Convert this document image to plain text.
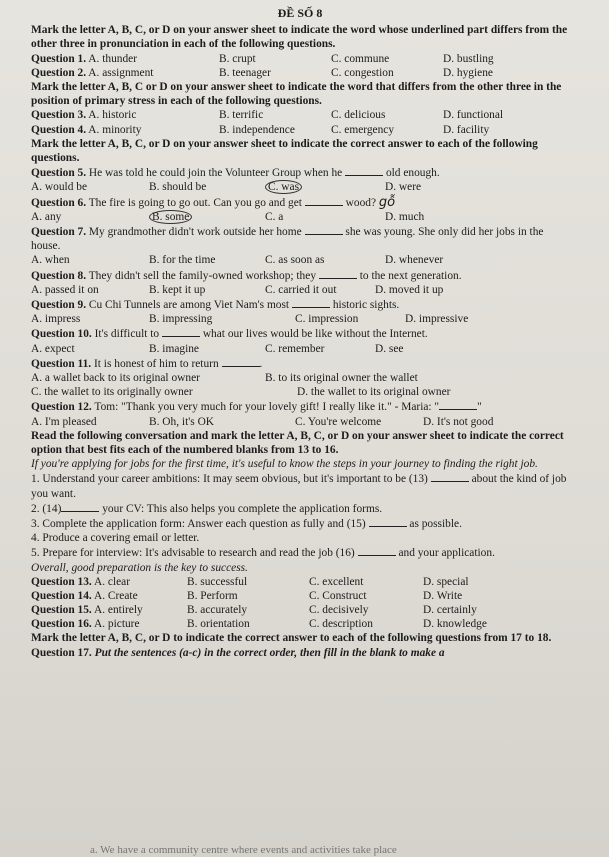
ĐỀ SỐ 8
Mark the letter A, B, C, or D on your answer sheet to indicate the word whose underlined part differs from the other three in pronunciation in each of the following questions.
Question 1. A. thunder	B. crupt	C. commune	D. bustling
Question 2. A. assignment	B. teenager	C. congestion	D. hygiene
Mark the letter A, B, C or D on your answer sheet to indicate the word that differs from the other three in the position of primary stress in each of the following questions.
Question 3. A. historic	B. terrific	C. delicious	D. functional
Question 4. A. minority	B. independence	C. emergency	D. facility
Mark the letter A, B, C, or D on your answer sheet to indicate the correct answer to each of the following questions.
Question 5. He was told he could join the Volunteer Group when he	old enough.
A. would be	B. should be	C. was	D. were
Question 6. The fire is going to go out. Can you go and get	wood? gỗ
A. any	B. some	C. a	D. much
Question 7. My grandmother didn't work outside her home	she was young. She only did her jobs in the house.
A. when	B. for the time	C. as soon as	D. whenever
Question 8. They didn't sell the family-owned workshop; they	to the next generation.
A. passed it on	B. kept it up	C. carried it out	D. moved it up
Question 9. Cu Chi Tunnels are among Viet Nam's most	historic sights.
A. impress	B. impressing	C. impression	D. impressive
Question 10. It's difficult to	what our lives would be like without the Internet.
A. expect	B. imagine	C. remember	D. see
Question 11. It is honest of him to return	.
A. a wallet back to its original owner	B. to its original owner the wallet
C. the wallet to its originally owner	D. the wallet to its original owner
Question 12. Tom: "Thank you very much for your lovely gift! I really like it." - Maria: "	"
A. I'm pleased	B. Oh, it's OK	C. You're welcome	D. It's not good
Read the following conversation and mark the letter A, B, C, or D on your answer sheet to indicate the correct option that best fits each of the numbered blanks from 13 to 16.
If you're applying for jobs for the first time, it's useful to know the steps in your journey to finding the right job.
1. Understand your career ambitions: It may seem obvious, but it's important to be (13)	about the kind of job you want.
2. (14)	your CV: This also helps you complete the application forms.
3. Complete the application form: Answer each question as fully and (15)	as possible.
4. Produce a covering email or letter.
5. Prepare for interview: It's advisable to research and read the job (16)	and your application.
Overall, good preparation is the key to success.
Question 13. A. clear	B. successful	C. excellent	D. special
Question 14. A. Create	B. Perform	C. Construct	D. Write
Question 15. A. entirely	B. accurately	C. decisively	D. certainly
Question 16. A. picture	B. orientation	C. description	D. knowledge
Mark the letter A, B, C, or D to indicate the correct answer to each of the following questions from 17 to 18.
Question 17. Put the sentences (a-c) in the correct order, then fill in the blank to make a
a. We have a community centre where events and activities take place
